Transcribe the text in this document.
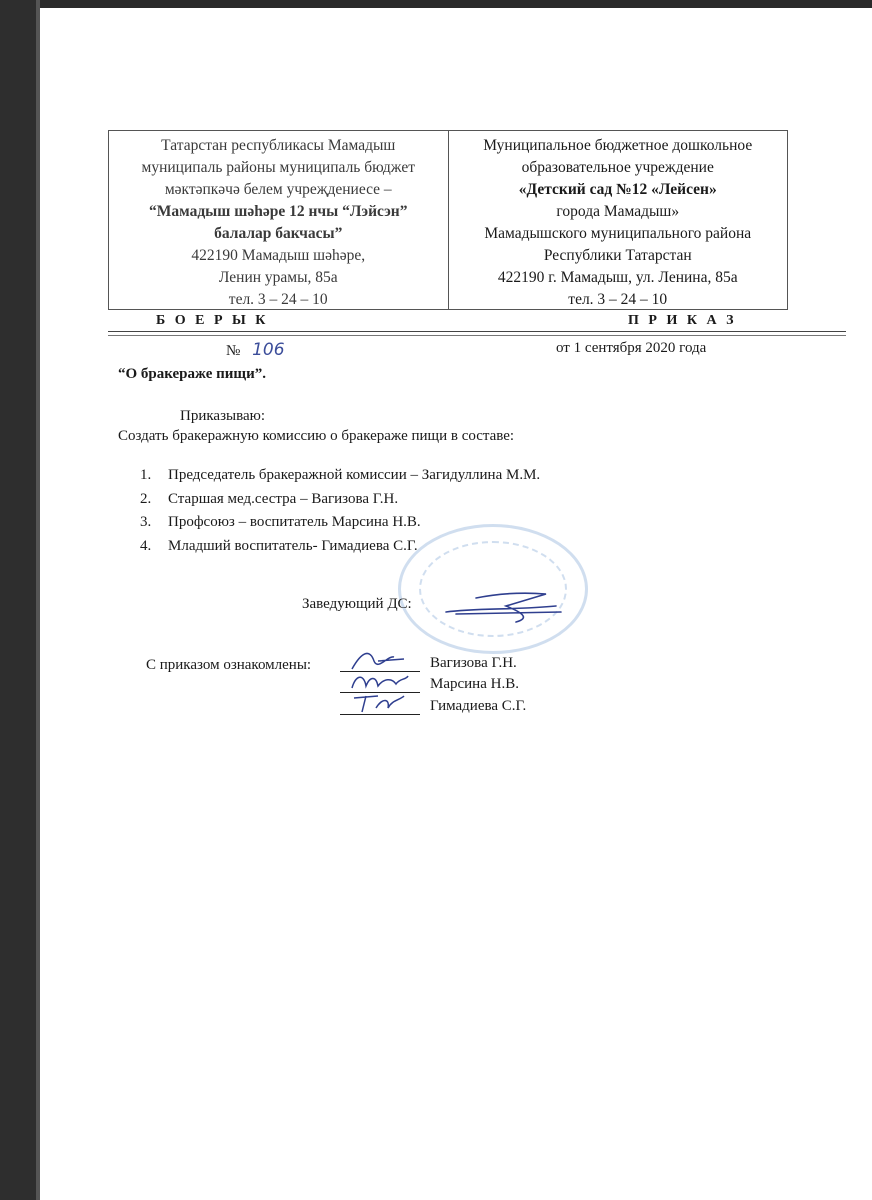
Татарстан республикасы Мамадыш
муниципаль районы муниципаль бюджет
мәктәпкәчә белем учреҗдениесе –
“Мамадыш шәһәре 12 нчы “Лэйсэн”
балалар бакчасы”
422190 Мамадыш шәһәре,
Ленин урамы, 85а
тел. 3 – 24 – 10
Муниципальное бюджетное дошкольное
образовательное учреждение
«Детский сад №12 «Лейсен»
города Мамадыш»
Мамадышского муниципального района
Республики Татарстан
422190 г. Мамадыш, ул. Ленина, 85а
тел. 3 – 24 – 10
Б О Е Р Ы К	П Р И К А З
№ 106	от 1 сентября 2020 года
“О бракераже пищи”.
Приказываю:
Создать бракеражную комиссию о бракераже пищи в составе:
1. Председатель бракеражной комиссии – Загидуллина М.М.
2. Старшая мед.сестра – Вагизова Г.Н.
3. Профсоюз – воспитатель Марсина Н.В.
4. Младший воспитатель- Гимадиева С.Г.
Заведующий ДС:
С приказом ознакомлены:	Вагизова Г.Н.
Марсина Н.В.
Гимадиева С.Г.
